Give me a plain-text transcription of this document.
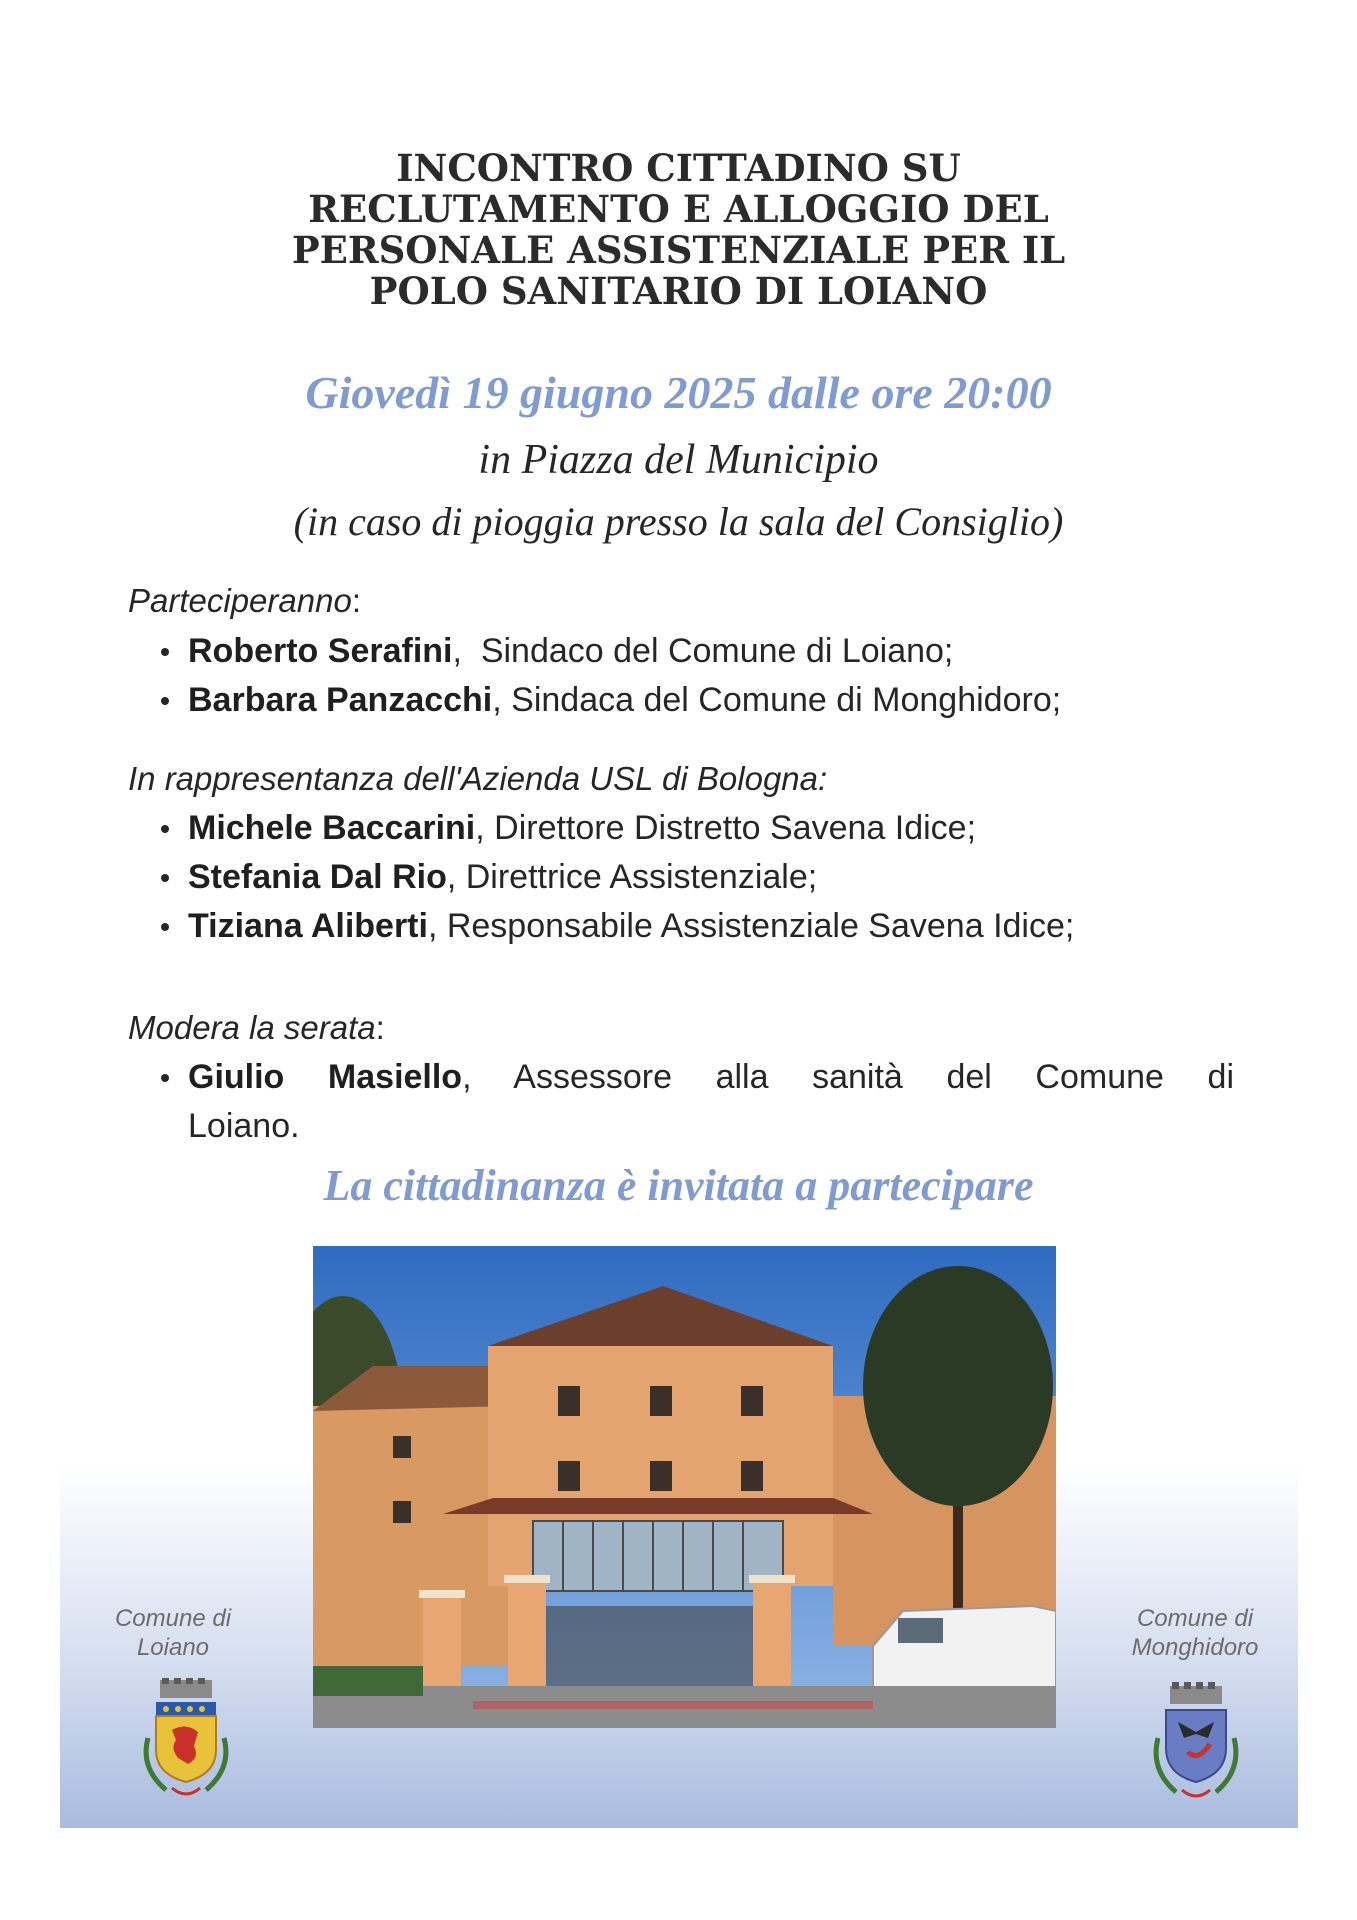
INCONTRO CITTADINO SU
RECLUTAMENTO E ALLOGGIO DEL
PERSONALE ASSISTENZIALE PER IL
POLO SANITARIO DI LOIANO
Giovedì 19 giugno 2025 dalle ore 20:00
in Piazza del Municipio
(in caso di pioggia presso la sala del Consiglio)
Parteciperanno:
Roberto Serafini,  Sindaco del Comune di Loiano;
Barbara Panzacchi, Sindaca del Comune di Monghidoro;
In rappresentanza dell'Azienda USL di Bologna:
Michele Baccarini, Direttore Distretto Savena Idice;
Stefania Dal Rio, Direttrice Assistenziale;
Tiziana Aliberti, Responsabile Assistenziale Savena Idice;
Modera la serata:
Giulio Masiello, Assessore alla sanità del Comune di
Loiano.
La cittadinanza è invitata a partecipare
Comune di
Loiano
Comune di
Monghidoro
